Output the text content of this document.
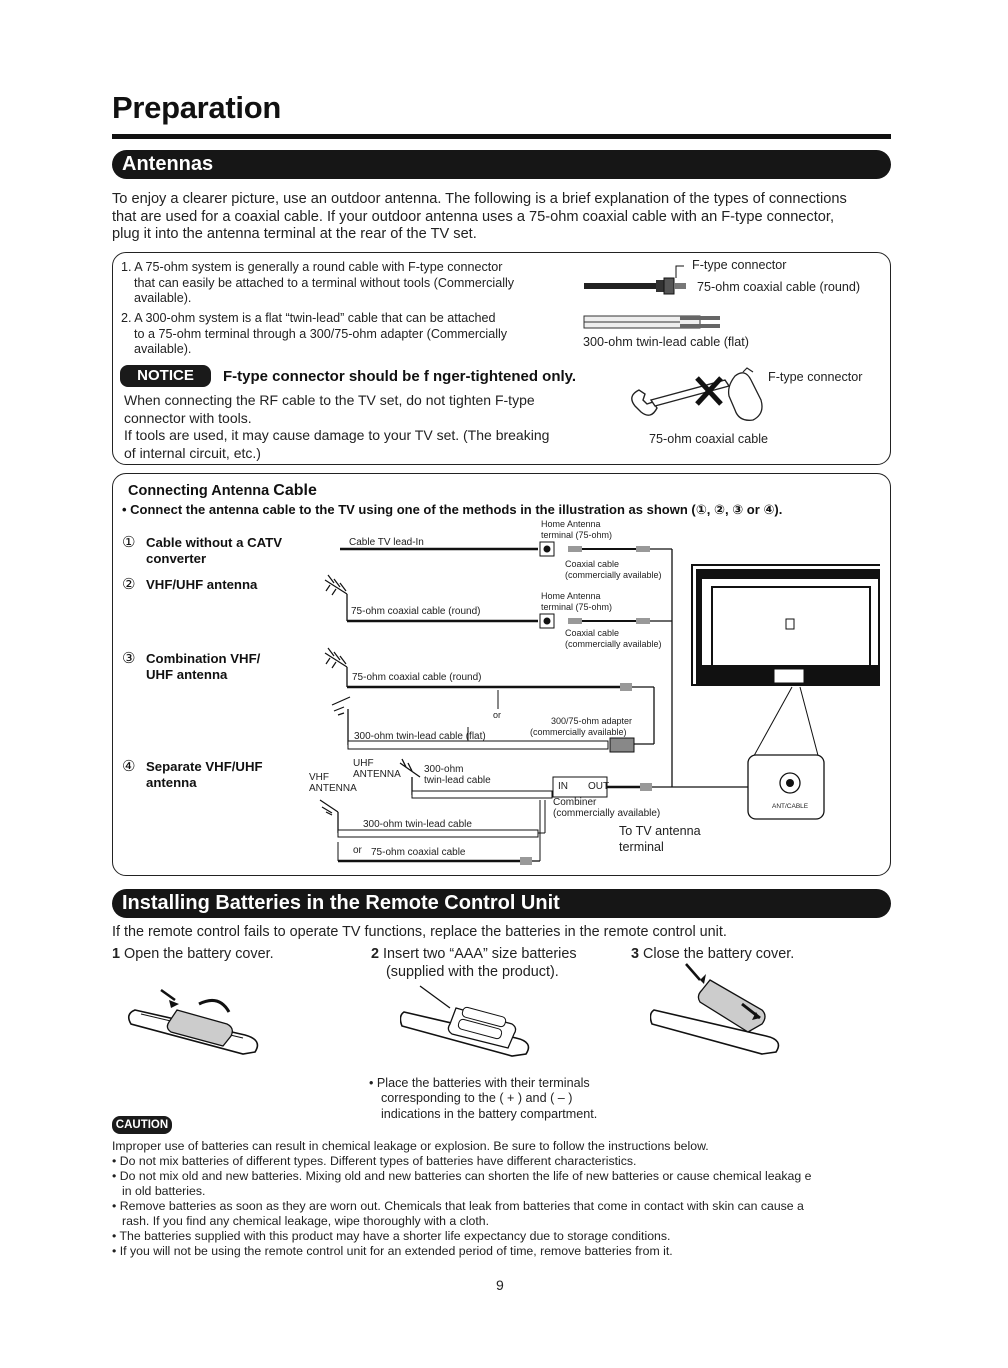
Preparation
Antennas
To enjoy a clearer picture, use an outdoor antenna. The following is a brief explanation of the types of connections
that are used for a coaxial cable. If your outdoor antenna uses a 75-ohm coaxial cable with an F-type connector,
plug it into the antenna terminal at the rear of the TV set.
1. A 75-ohm system is generally a round cable with F-type connector
that can easily be attached to a terminal without tools (Commercially
available).
2. A 300-ohm system is a flat “twin-lead” cable that can be attached
to a 75-ohm terminal through a 300/75-ohm adapter (Commercially
available).
F-type connector
75-ohm coaxial cable (round)
300-ohm twin-lead cable (flat)
NOTICE	F-type connector should be f nger-tightened only.
When connecting the RF cable to the TV set, do not tighten F-type
connector with tools.
If tools are used, it may cause damage to your TV set. (The breaking
of internal circuit, etc.)
F-type connector
75-ohm coaxial cable
Connecting Antenna Cable
• Connect the antenna cable to the TV using one of the methods in the illustration as shown (①, ②, ③ or ④).
① Cable without a CATV
converter
② VHF/UHF antenna
③ Combination VHF/
UHF antenna
④ Separate VHF/UHF
antenna
Cable TV lead-In
Home Antenna
terminal (75-ohm)
Coaxial cable
(commercially available)
75-ohm coaxial cable (round)
Home Antenna
terminal (75-ohm)
Coaxial cable
(commercially available)
75-ohm coaxial cable (round)
or
300/75-ohm adapter
(commercially available)
300-ohm twin-lead cable (flat)
UHF
ANTENNA
VHF
ANTENNA
300-ohm
twin-lead cable
IN OUT
Combiner
(commercially available)
300-ohm twin-lead cable
or 75-ohm coaxial cable
To TV antenna
terminal
ANT/CABLE
Installing Batteries in the Remote Control Unit
If the remote control fails to operate TV functions, replace the batteries in the remote control unit.
1 Open the battery cover.	2 Insert two “AAA” size batteries
(supplied with the product).
3 Close the battery cover.
• Place the batteries with their terminals
corresponding to the ( + ) and ( – )
indications in the battery compartment.
CAUTION
Improper use of batteries can result in chemical leakage or explosion. Be sure to follow the instructions below.
• Do not mix batteries of different types. Different types of batteries have different characteristics.
• Do not mix old and new batteries. Mixing old and new batteries can shorten the life of new batteries or cause chemical leakag e
in old batteries.
• Remove batteries as soon as they are worn out. Chemicals that leak from batteries that come in contact with skin can cause a
rash. If you find any chemical leakage, wipe thoroughly with a cloth.
• The batteries supplied with this product may have a shorter life expectancy due to storage conditions.
• If you will not be using the remote control unit for an extended period of time, remove batteries from it.
9
